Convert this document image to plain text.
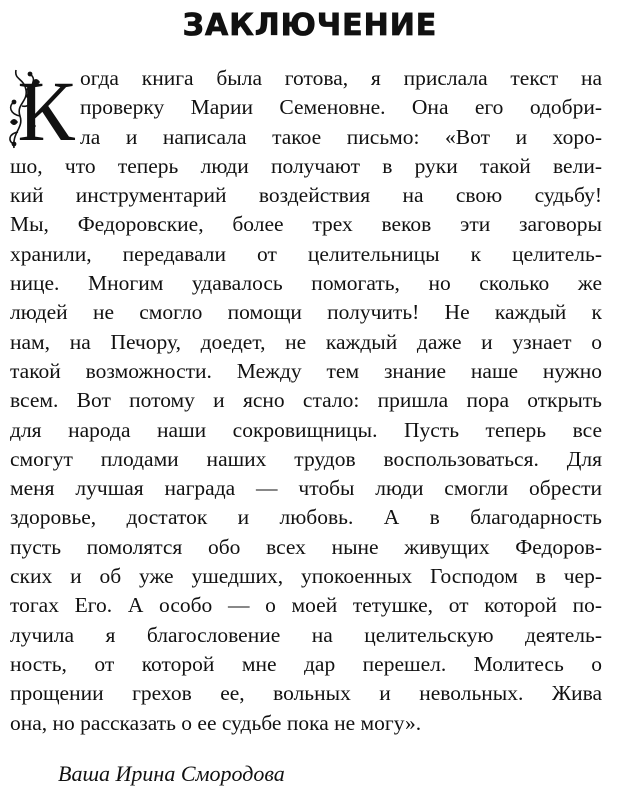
ЗАКЛЮЧЕНИЕ
К огда книга была готова, я прислала текст на
проверку Марии Семеновне. Она его одобри-
ла и написала такое письмо: «Вот и хоро-
шо, что теперь люди получают в руки такой вели-
кий инструментарий воздействия на свою судьбу!
Мы, Федоровские, более трех веков эти заговоры
хранили, передавали от целительницы к целитель-
нице. Многим удавалось помогать, но сколько же
людей не смогло помощи получить! Не каждый к
нам, на Печору, доедет, не каждый даже и узнает о
такой возможности. Между тем знание наше нужно
всем. Вот потому и ясно стало: пришла пора открыть
для народа наши сокровищницы. Пусть теперь все
смогут плодами наших трудов воспользоваться. Для
меня лучшая награда — чтобы люди смогли обрести
здоровье, достаток и любовь. А в благодарность
пусть помолятся обо всех ныне живущих Федоров-
ских и об уже ушедших, упокоенных Господом в чер-
тогах Его. А особо — о моей тетушке, от которой по-
лучила я благословение на целительскую деятель-
ность, от которой мне дар перешел. Молитесь о
прощении грехов ее, вольных и невольных. Жива
она, но рассказать о ее судьбе пока не могу».
Ваша Ирина Смородова
